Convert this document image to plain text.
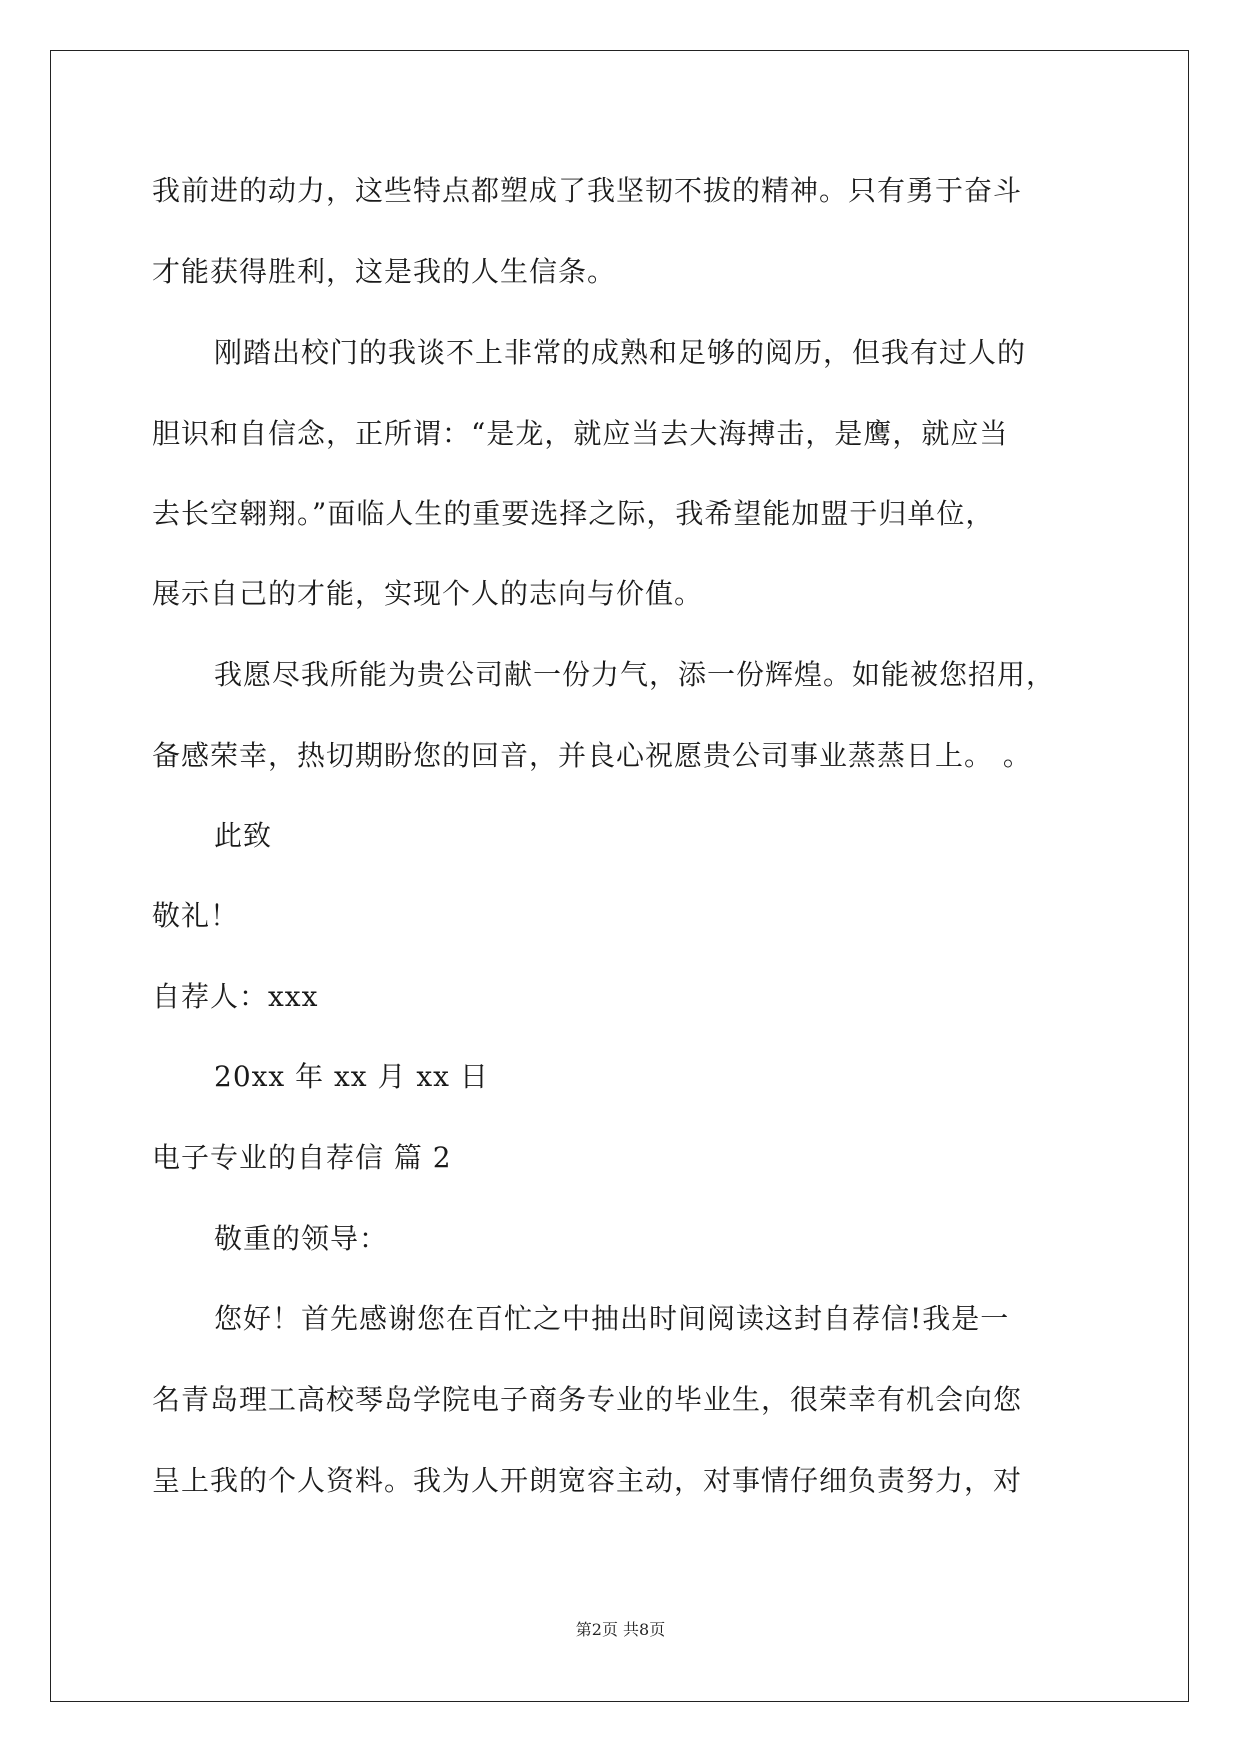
我前进的动力，这些特点都塑成了我坚韧不拔的精神。只有勇于奋斗

才能获得胜利，这是我的人生信条。

刚踏出校门的我谈不上非常的成熟和足够的阅历，但我有过人的

胆识和自信念，正所谓：“是龙，就应当去大海搏击，是鹰，就应当

去长空翱翔。”面临人生的重要选择之际，我希望能加盟于归单位，

展示自己的才能，实现个人的志向与价值。

我愿尽我所能为贵公司献一份力气，添一份辉煌。如能被您招用，

备感荣幸，热切期盼您的回音，并良心祝愿贵公司事业蒸蒸日上。 。

此致

敬礼！

自荐人：xxx

20xx 年 xx 月 xx 日

电子专业的自荐信 篇 2

敬重的领导：

您好！首先感谢您在百忙之中抽出时间阅读这封自荐信!我是一

名青岛理工高校琴岛学院电子商务专业的毕业生，很荣幸有机会向您

呈上我的个人资料。我为人开朗宽容主动，对事情仔细负责努力，对

第2页 共8页
